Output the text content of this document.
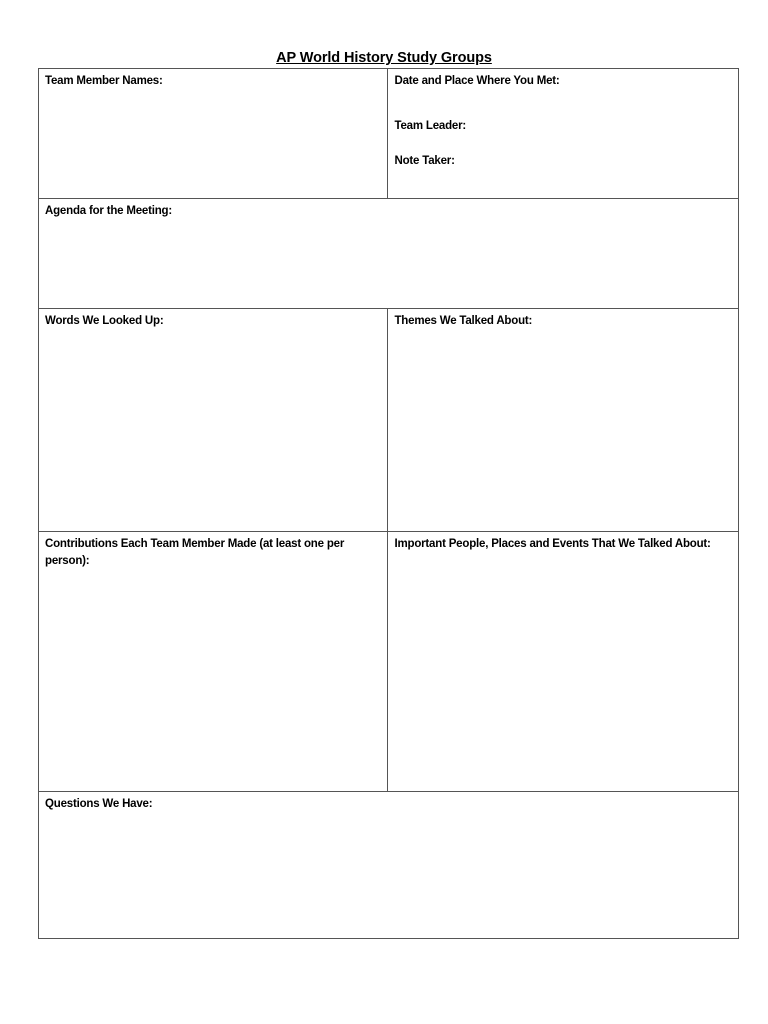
AP World History Study Groups
Team Member Names:	Date and Place Where You Met:
Team Leader:
Note Taker:

Agenda for the Meeting:	

Words We Looked Up:	Themes We Talked About:

Contributions Each Team Member Made (at least one per person):	Important People, Places and Events That We Talked About:

Questions We Have:	
